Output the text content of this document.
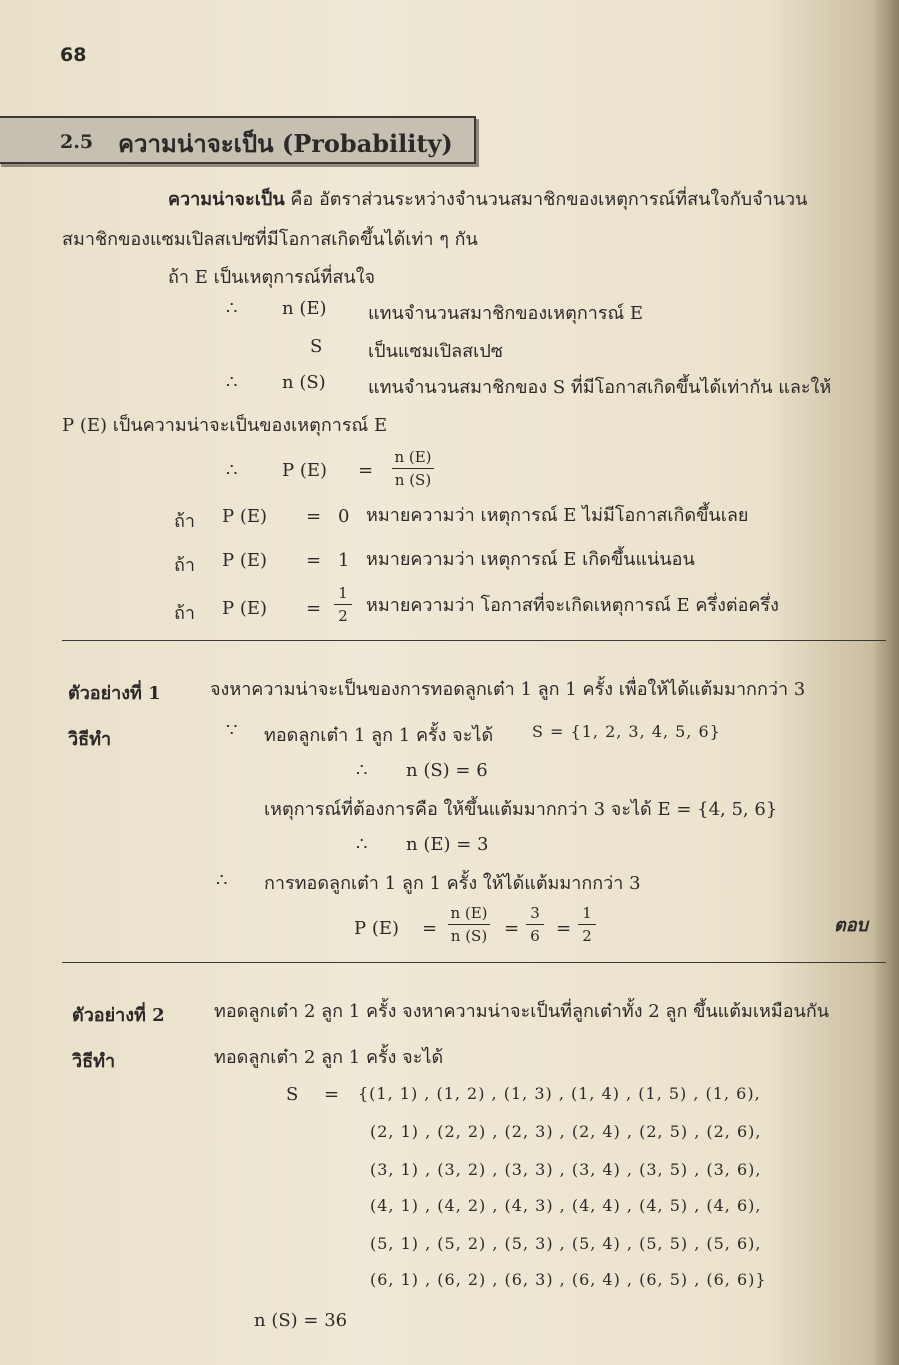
68
2.5 ความน่าจะเป็น (Probability)
ความน่าจะเป็น คือ อัตราส่วนระหว่างจำนวนสมาชิกของเหตุการณ์ที่สนใจกับจำนวน
สมาชิกของแซมเปิลสเปซที่มีโอกาสเกิดขึ้นได้เท่า ๆ กัน
ถ้า E เป็นเหตุการณ์ที่สนใจ
∴ n (E) แทนจำนวนสมาชิกของเหตุการณ์ E
S	เป็นแซมเปิลสเปซ
∴ n (S) แทนจำนวนสมาชิกของ S ที่มีโอกาสเกิดขึ้นได้เท่ากัน และให้
P (E) เป็นความน่าจะเป็นของเหตุการณ์ E
∴ P (E) =
n (E)
n (S)
ถ้า P (E) = 0 หมายความว่า เหตุการณ์ E ไม่มีโอกาสเกิดขึ้นเลย
ถ้า P (E) = 1 หมายความว่า เหตุการณ์ E เกิดขึ้นแน่นอน
ถ้า P (E) =
1
2 หมายความว่า โอกาสที่จะเกิดเหตุการณ์ E ครึ่งต่อครึ่ง
ตัวอย่างที่ 1	จงหาความน่าจะเป็นของการทอดลูกเต๋า 1 ลูก 1 ครั้ง เพื่อให้ได้แต้มมากกว่า 3
วิธีทำ	∵ ทอดลูกเต๋า 1 ลูก 1 ครั้ง จะได้ S = {1, 2, 3, 4, 5, 6}
∴ n (S) = 6
เหตุการณ์ที่ต้องการคือ ให้ขึ้นแต้มมากกว่า 3 จะได้ E = {4, 5, 6}
∴ n (E) = 3
∴ การทอดลูกเต๋า 1 ลูก 1 ครั้ง ให้ได้แต้มมากกว่า 3
P (E) =
n (E)
n (S) =
3
6 =
1
2	ตอบ
ตัวอย่างที่ 2	ทอดลูกเต๋า 2 ลูก 1 ครั้ง จงหาความน่าจะเป็นที่ลูกเต๋าทั้ง 2 ลูก ขึ้นแต้มเหมือนกัน
วิธีทำ	ทอดลูกเต๋า 2 ลูก 1 ครั้ง จะได้
S = {(1, 1) , (1, 2) , (1, 3) , (1, 4) , (1, 5) , (1, 6),
(2, 1) , (2, 2) , (2, 3) , (2, 4) , (2, 5) , (2, 6),
(3, 1) , (3, 2) , (3, 3) , (3, 4) , (3, 5) , (3, 6),
(4, 1) , (4, 2) , (4, 3) , (4, 4) , (4, 5) , (4, 6),
(5, 1) , (5, 2) , (5, 3) , (5, 4) , (5, 5) , (5, 6),
(6, 1) , (6, 2) , (6, 3) , (6, 4) , (6, 5) , (6, 6)}
n (S) = 36
